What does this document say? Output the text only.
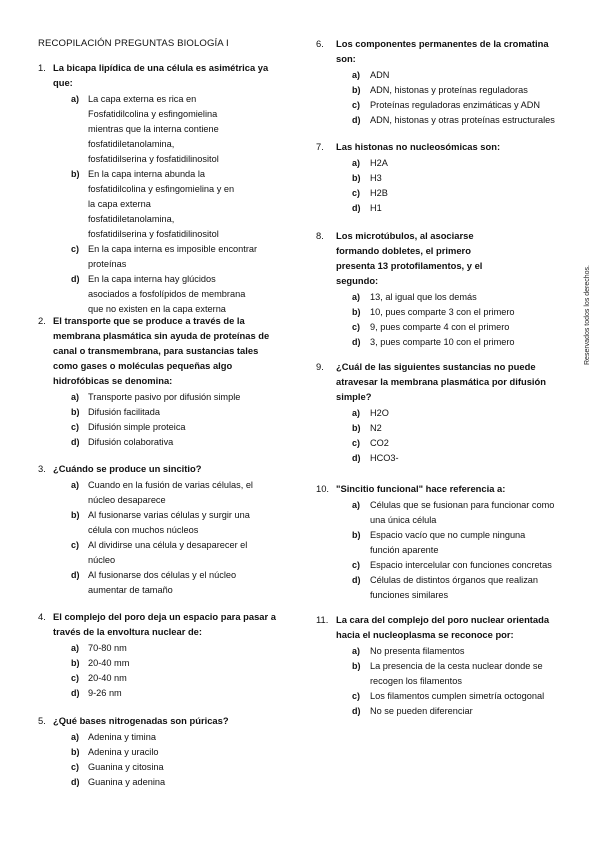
RECOPILACIÓN PREGUNTAS BIOLOGÍA I
1. La bicapa lipídica de una célula es asimétrica ya que:
a) La capa externa es rica en
Fosfatidilcolina y esfingomielina
mientras que la interna contiene
fosfatidiletanolamina,
fosfatidilserina y fosfatidilinositol
b) En la capa interna abunda la
fosfatidilcolina y esfingomielina y en
la capa externa
fosfatidiletanolamina,
fosfatidilserina y fosfatidilinositol
c) En la capa interna es imposible encontrar
proteínas
d) En la capa interna hay glúcidos
asociados a fosfolípidos de membrana
que no existen en la capa externa
2. El transporte que se produce a través de la
membrana plasmática sin ayuda de proteínas de
canal o transmembrana, para sustancias tales
como gases o moléculas pequeñas algo
hidrofóbicas se denomina:
a) Transporte pasivo por difusión simple
b) Difusión facilitada
c) Difusión simple proteica
d) Difusión colaborativa
3. ¿Cuándo se produce un sincitio?
a) Cuando en la fusión de varias células, el
núcleo desaparece
b) Al fusionarse varias células y surgir una
célula con muchos núcleos
c) Al dividirse una célula y desaparecer el
núcleo
d) Al fusionarse dos células y el núcleo
aumentar de tamaño
4. El complejo del poro deja un espacio para pasar a
través de la envoltura nuclear de:
a) 70-80 nm
b) 20-40 mm
c) 20-40 nm
d) 9-26 nm
5. ¿Qué bases nitrogenadas son púricas?
a) Adenina y timina
b) Adenina y uracilo
c) Guanina y citosina
d) Guanina y adenina
6. Los componentes permanentes de la cromatina
son:
a) ADN
b) ADN, histonas y proteínas reguladoras
c) Proteínas reguladoras enzimáticas y ADN
d) ADN, histonas y otras proteínas estructurales
7. Las histonas no nucleosómicas son:
a) H2A
b) H3
c) H2B
d) H1
8. Los microtúbulos, al asociarse
formando dobletes, el primero
presenta 13 protofilamentos, y el
segundo:
a) 13, al igual que los demás
b) 10, pues comparte 3 con el primero
c) 9, pues comparte 4 con el primero
d) 3, pues comparte 10 con el primero
9. ¿Cuál de las siguientes sustancias no puede
atravesar la membrana plasmática por difusión
simple?
a) H2O
b) N2
c) CO2
d) HCO3-
10. "Sincitio funcional" hace referencia a:
a) Células que se fusionan para funcionar como
una única célula
b) Espacio vacío que no cumple ninguna
función aparente
c) Espacio intercelular con funciones concretas
d) Células de distintos órganos que realizan
funciones similares
11. La cara del complejo del poro nuclear orientada
hacia el nucleoplasma se reconoce por:
a) No presenta filamentos
b) La presencia de la cesta nuclear donde se
recogen los filamentos
c) Los filamentos cumplen simetría octogonal
d) No se pueden diferenciar
Reservados todos los derechos.
